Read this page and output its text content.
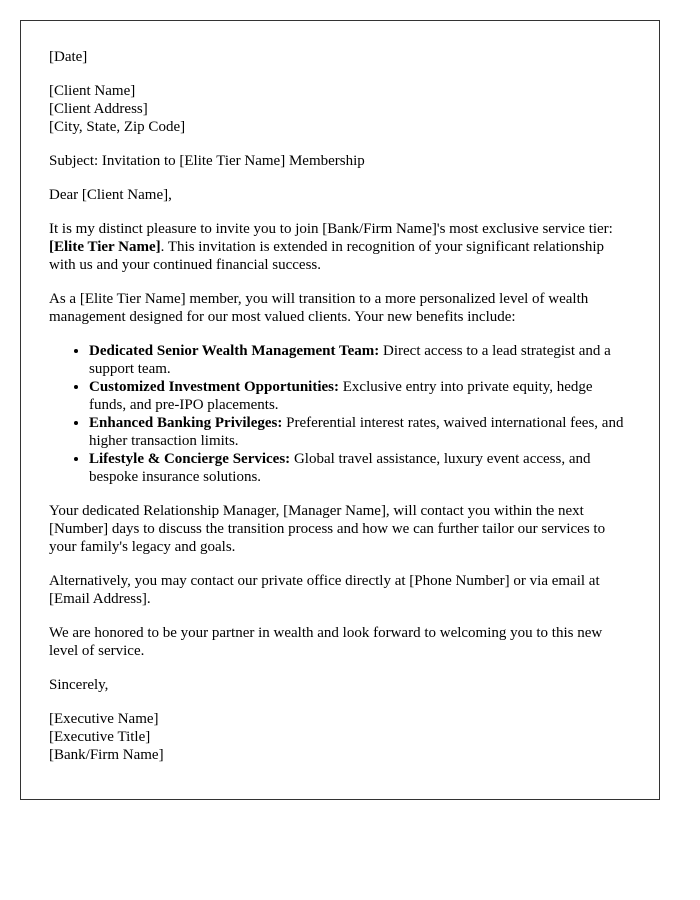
[Date]
[Client Name]
[Client Address]
[City, State, Zip Code]

Subject: Invitation to [Elite Tier Name] Membership

Dear [Client Name],

It is my distinct pleasure to invite you to join [Bank/Firm Name]'s most exclusive service tier: [Elite Tier Name]. This invitation is extended in recognition of your significant relationship with us and your continued financial success.

As a [Elite Tier Name] member, you will transition to a more personalized level of wealth management designed for our most valued clients. Your new benefits include:

• Dedicated Senior Wealth Management Team: Direct access to a lead strategist and a support team.
• Customized Investment Opportunities: Exclusive entry into private equity, hedge funds, and pre-IPO placements.
• Enhanced Banking Privileges: Preferential interest rates, waived international fees, and higher transaction limits.
• Lifestyle & Concierge Services: Global travel assistance, luxury event access, and bespoke insurance solutions.

Your dedicated Relationship Manager, [Manager Name], will contact you within the next [Number] days to discuss the transition process and how we can further tailor our services to your family's legacy and goals.

Alternatively, you may contact our private office directly at [Phone Number] or via email at [Email Address].

We are honored to be your partner in wealth and look forward to welcoming you to this new level of service.

Sincerely,
[Executive Name]
[Executive Title]
[Bank/Firm Name]
